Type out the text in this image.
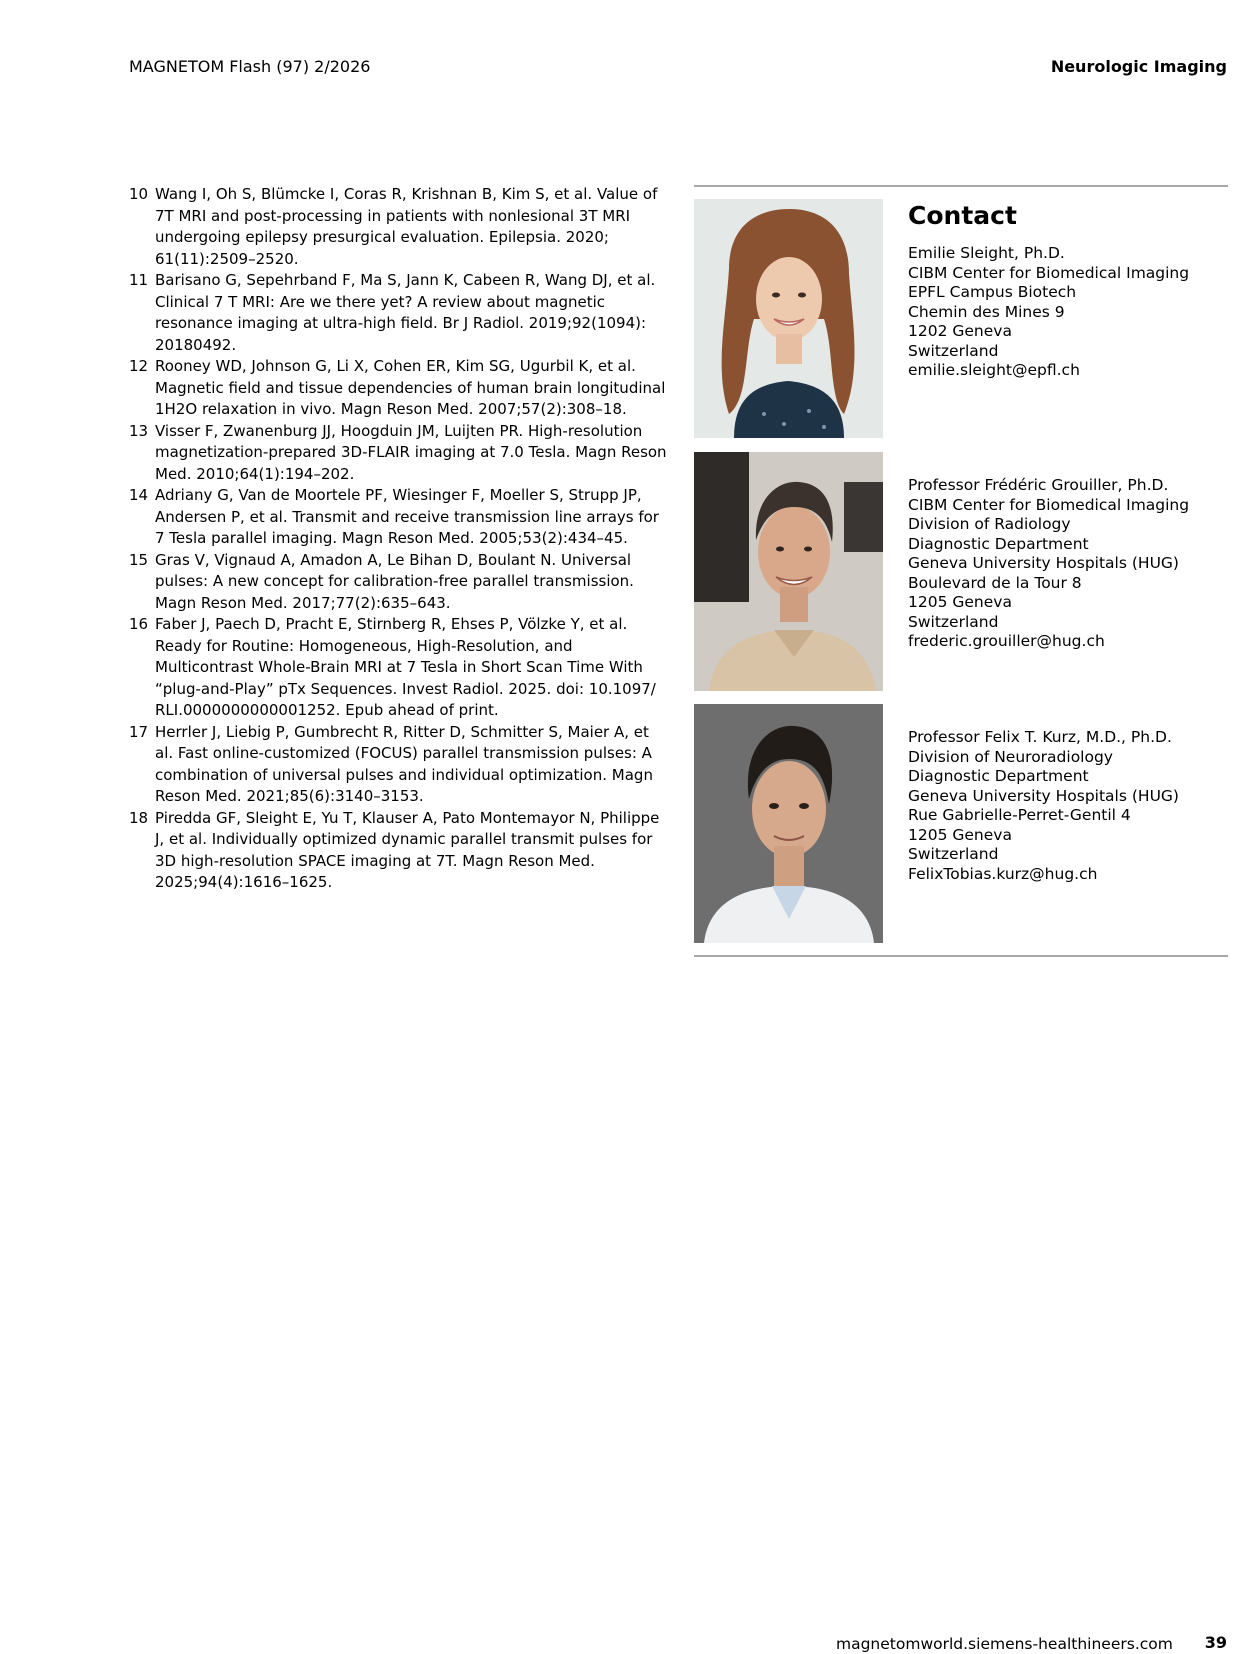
MAGNETOM Flash (97) 2/2026	Neurologic Imaging
10 Wang I, Oh S, Blümcke I, Coras R, Krishnan B, Kim S, et al. Value of 7T MRI and post-processing in patients with nonlesional 3T MRI undergoing epilepsy presurgical evaluation. Epilepsia. 2020; 61(11):2509–2520.
11 Barisano G, Sepehrband F, Ma S, Jann K, Cabeen R, Wang DJ, et al. Clinical 7 T MRI: Are we there yet? A review about magnetic resonance imaging at ultra-high field. Br J Radiol. 2019;92(1094): 20180492.
12 Rooney WD, Johnson G, Li X, Cohen ER, Kim SG, Ugurbil K, et al. Magnetic field and tissue dependencies of human brain longitudinal 1H2O relaxation in vivo. Magn Reson Med. 2007;57(2):308–18.
13 Visser F, Zwanenburg JJ, Hoogduin JM, Luijten PR. High-resolution magnetization-prepared 3D-FLAIR imaging at 7.0 Tesla. Magn Reson Med. 2010;64(1):194–202.
14 Adriany G, Van de Moortele PF, Wiesinger F, Moeller S, Strupp JP, Andersen P, et al. Transmit and receive transmission line arrays for 7 Tesla parallel imaging. Magn Reson Med. 2005;53(2):434–45.
15 Gras V, Vignaud A, Amadon A, Le Bihan D, Boulant N. Universal pulses: A new concept for calibration-free parallel transmission. Magn Reson Med. 2017;77(2):635–643.
16 Faber J, Paech D, Pracht E, Stirnberg R, Ehses P, Völzke Y, et al. Ready for Routine: Homogeneous, High-Resolution, and Multicontrast Whole-Brain MRI at 7 Tesla in Short Scan Time With “plug-and-Play” pTx Sequences. Invest Radiol. 2025. doi: 10.1097/ RLI.0000000000001252. Epub ahead of print.
17 Herrler J, Liebig P, Gumbrecht R, Ritter D, Schmitter S, Maier A, et al. Fast online-customized (FOCUS) parallel transmission pulses: A combination of universal pulses and individual optimization. Magn Reson Med. 2021;85(6):3140–3153.
18 Piredda GF, Sleight E, Yu T, Klauser A, Pato Montemayor N, Philippe J, et al. Individually optimized dynamic parallel transmit pulses for 3D high-resolution SPACE imaging at 7T. Magn Reson Med. 2025;94(4):1616–1625.
Contact
Emilie Sleight, Ph.D.
CIBM Center for Biomedical Imaging
EPFL Campus Biotech
Chemin des Mines 9
1202 Geneva
Switzerland
emilie.sleight@epfl.ch
Professor Frédéric Grouiller, Ph.D.
CIBM Center for Biomedical Imaging
Division of Radiology
Diagnostic Department
Geneva University Hospitals (HUG)
Boulevard de la Tour 8
1205 Geneva
Switzerland
frederic.grouiller@hug.ch
Professor Felix T. Kurz, M.D., Ph.D.
Division of Neuroradiology
Diagnostic Department
Geneva University Hospitals (HUG)
Rue Gabrielle-Perret-Gentil 4
1205 Geneva
Switzerland
FelixTobias.kurz@hug.ch
magnetomworld.siemens-healthineers.com 39
